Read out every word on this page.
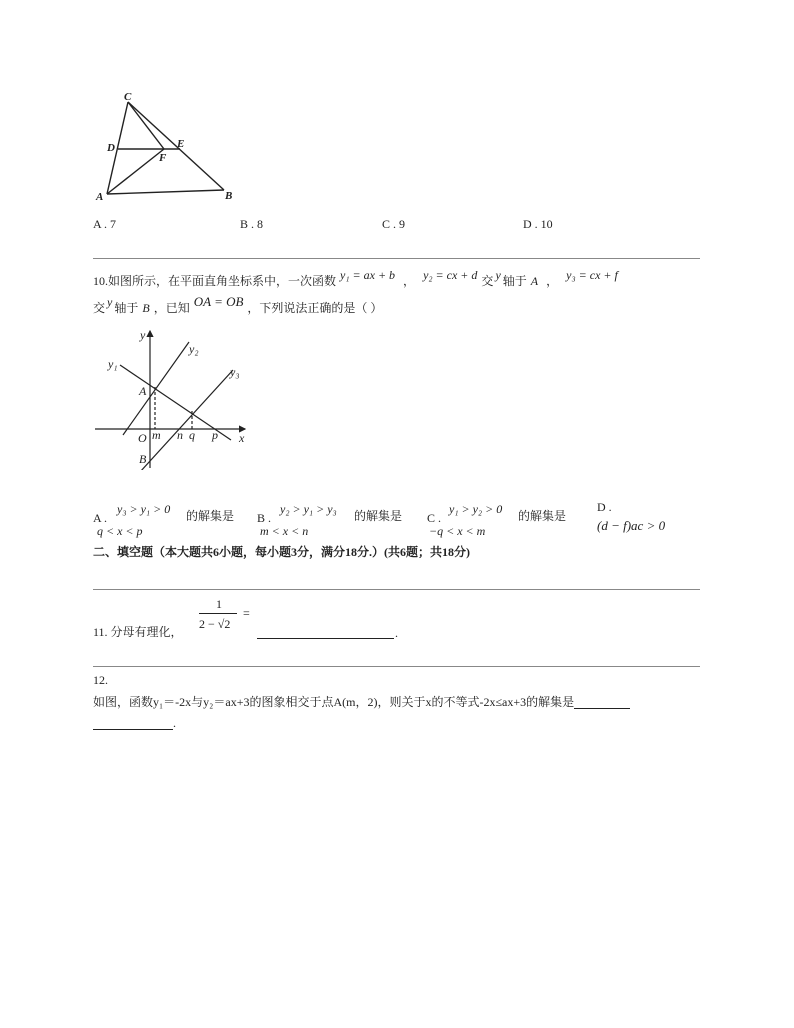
C
D	E
F
A	B
A . 7	B . 8	C . 9	D . 10
10.如图所示，在平面直角坐标系中，一次函数 y₁ = ax + b ， y₂ = cx + d 交 y 轴于 A ， y₃ = cx + f
交 y 轴于 B ，已知 OA = OB ，下列说法正确的是（ ）
y
x
y₁
y₂
y₃
A
B
O m n q p
A .
y₃ > y₁ > 0
q < x < p
的解集是 B .
y₂ > y₁ > y₃
m < x < n
的解集是 C .
y₁ > y₂ > 0
−q < x < m
的解集是
D .
(d − f)ac > 0
二、填空题（本大题共6小题，每小题3分，满分18分.）(共6题；共18分)
11. 分母有理化，
1
2 − √2
=
.
12.
如图，函数y₁＝-2x与y₂＝ax+3的图象相交于点A(m，2)，则关于x的不等式-2x≤ax+3的解集是
.
